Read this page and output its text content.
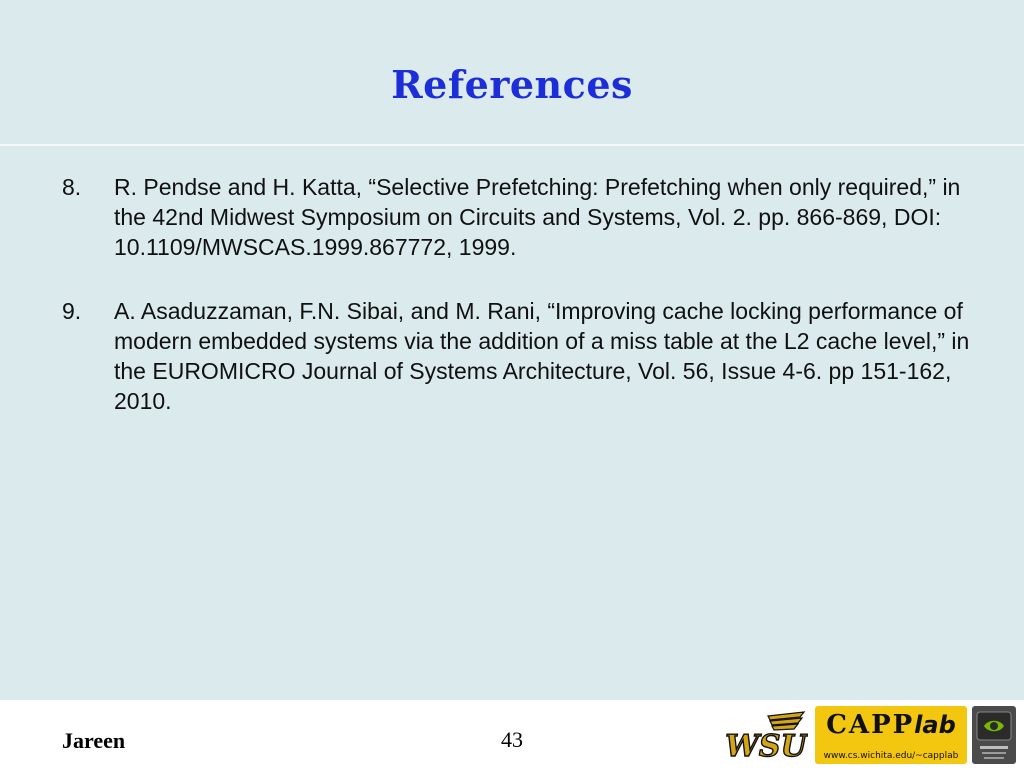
References
8. R. Pendse and H. Katta, “Selective Prefetching: Prefetching when only required,” in the 42nd Midwest Symposium on Circuits and Systems, Vol. 2. pp. 866-869, DOI: 10.1109/MWSCAS.1999.867772, 1999.
9. A. Asaduzzaman, F.N. Sibai, and M. Rani, “Improving cache locking performance of modern embedded systems via the addition of a miss table at the L2 cache level,” in the EUROMICRO Journal of Systems Architecture, Vol. 56, Issue 4-6. pp 151-162, 2010.
Jareen	43	WSU
CAPPlab
www.cs.wichita.edu/~capplab
